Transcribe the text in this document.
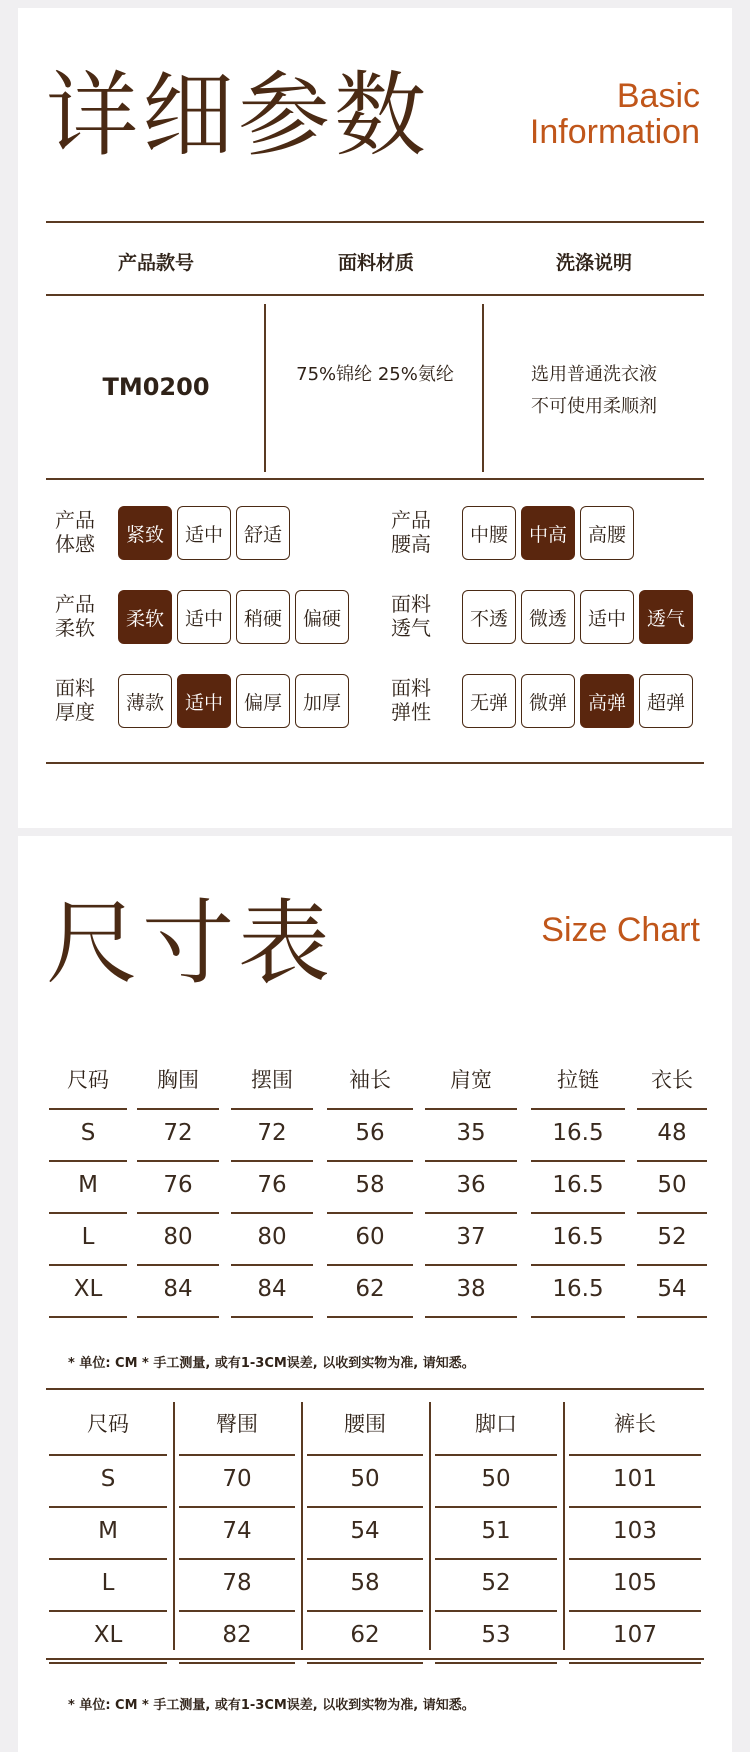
详细参数	Basic
Information
产品款号	面料材质	洗涤说明
TM0200	75%锦纶 25%氨纶	选用普通洗衣液
不可使用柔顺剂
产品
体感	紧致	适中	舒适
产品
腰高	中腰	中高	高腰
产品
柔软	柔软	适中	稍硬	偏硬
面料
透气	不透	微透	适中	透气
面料
厚度	薄款	适中	偏厚	加厚
面料
弹性	无弹	微弹	高弹	超弹
尺寸表	Size Chart
尺码	胸围	摆围	袖长	肩宽	拉链	衣长
S	72	72	56	35	16.5	48
M	76	76	58	36	16.5	50
L	80	80	60	37	16.5	52
XL	84	84	62	38	16.5	54
* 单位: CM * 手工测量, 或有1-3CM误差, 以收到实物为准, 请知悉。
尺码	臀围	腰围	脚口	裤长
S	70	50	50	101
M	74	54	51	103
L	78	58	52	105
XL	82	62	53	107
* 单位: CM * 手工测量, 或有1-3CM误差, 以收到实物为准, 请知悉。
